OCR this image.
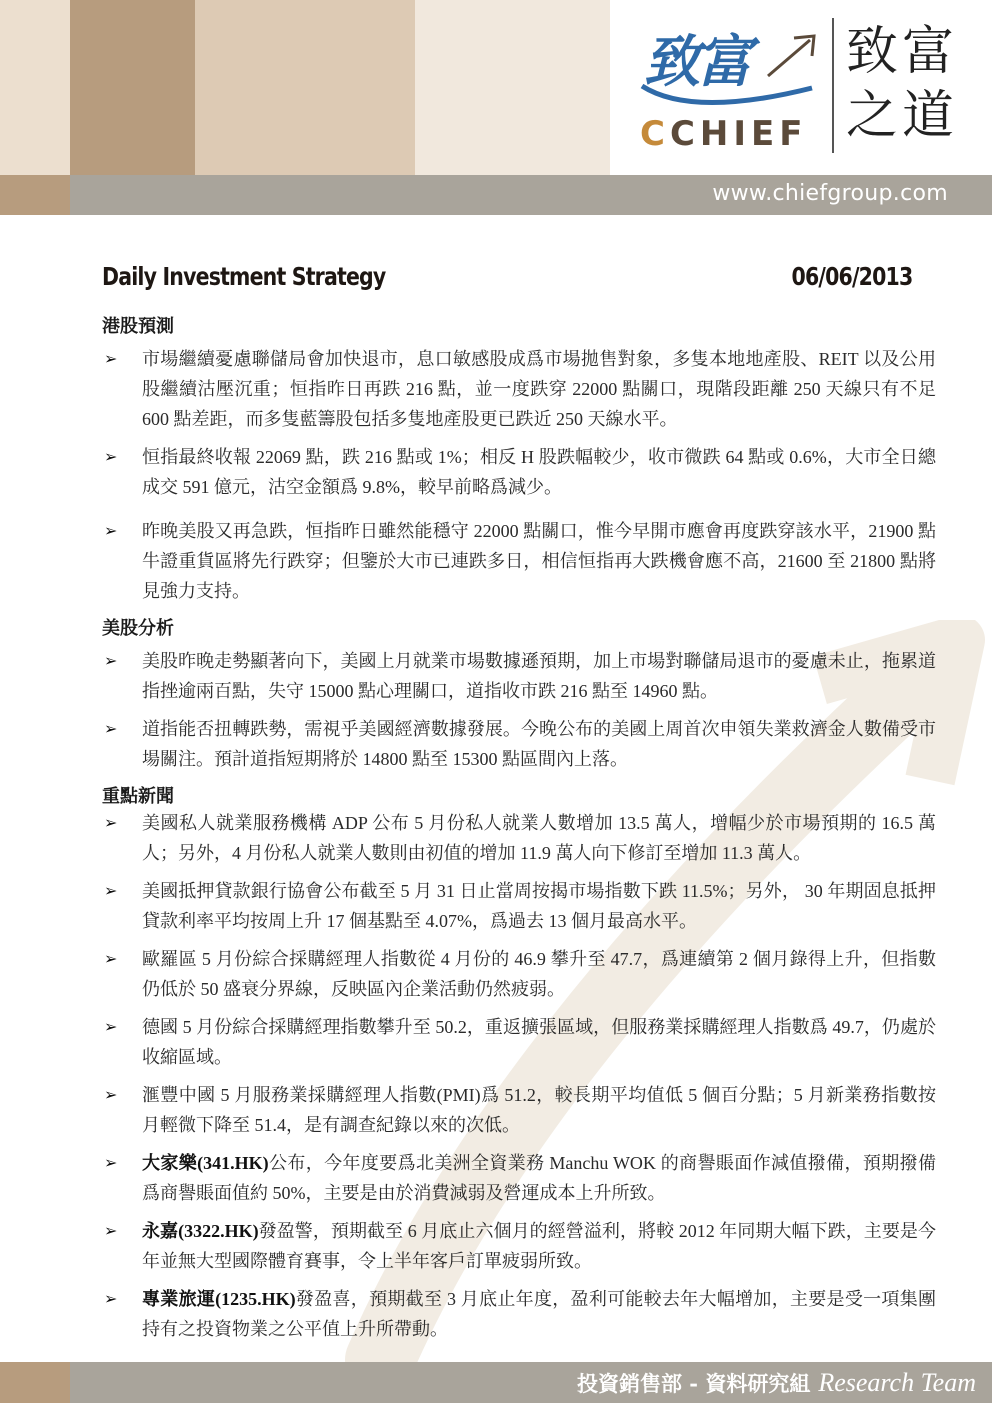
www.chiefgroup.com
致富
CCHIEF
致富
之道
Daily Investment Strategy	06/06/2013
港股預測
➢ 市場繼續憂慮聯儲局會加快退市，息口敏感股成爲市場拋售對象，多隻本地地產股、REIT 以及公用股繼續沽壓沉重；恒指昨日再跌 216 點，並一度跌穿 22000 點關口，現階段距離 250 天線只有不足 600 點差距，而多隻藍籌股包括多隻地產股更已跌近 250 天線水平。
➢ 恒指最終收報 22069 點，跌 216 點或 1%；相反 H 股跌幅較少，收市微跌 64 點或 0.6%，大市全日總成交 591 億元，沽空金額爲 9.8%，較早前略爲減少。
➢ 昨晚美股又再急跌，恒指昨日雖然能穩守 22000 點關口，惟今早開市應會再度跌穿該水平，21900 點牛證重貨區將先行跌穿；但鑒於大市已連跌多日，相信恒指再大跌機會應不高，21600 至 21800 點將見強力支持。
美股分析
➢ 美股昨晚走勢顯著向下，美國上月就業市場數據遜預期，加上市場對聯儲局退市的憂慮未止，拖累道指挫逾兩百點，失守 15000 點心理關口，道指收市跌 216 點至 14960 點。
➢ 道指能否扭轉跌勢，需視乎美國經濟數據發展。今晚公布的美國上周首次申領失業救濟金人數備受市場關注。預計道指短期將於 14800 點至 15300 點區間內上落。
重點新聞
➢ 美國私人就業服務機構 ADP 公布 5 月份私人就業人數增加 13.5 萬人，增幅少於市場預期的 16.5 萬人；另外，4 月份私人就業人數則由初值的增加 11.9 萬人向下修訂至增加 11.3 萬人。
➢ 美國抵押貸款銀行協會公布截至 5 月 31 日止當周按揭市場指數下跌 11.5%；另外， 30 年期固息抵押貸款利率平均按周上升 17 個基點至 4.07%，爲過去 13 個月最高水平。
➢ 歐羅區 5 月份綜合採購經理人指數從 4 月份的 46.9 攀升至 47.7，爲連續第 2 個月錄得上升，但指數仍低於 50 盛衰分界線，反映區內企業活動仍然疲弱。
➢ 德國 5 月份綜合採購經理指數攀升至 50.2，重返擴張區域，但服務業採購經理人指數爲 49.7，仍處於收縮區域。
➢ 滙豐中國 5 月服務業採購經理人指數(PMI)爲 51.2，較長期平均值低 5 個百分點；5 月新業務指數按月輕微下降至 51.4，是有調查紀錄以來的次低。
➢ 大家樂(341.HK)公布，今年度要爲北美洲全資業務 Manchu WOK 的商譽賬面作減值撥備，預期撥備爲商譽賬面值約 50%，主要是由於消費減弱及營運成本上升所致。
➢ 永嘉(3322.HK)發盈警，預期截至 6 月底止六個月的經營溢利，將較 2012 年同期大幅下跌，主要是今年並無大型國際體育賽事，令上半年客戶訂單疲弱所致。
➢ 專業旅運(1235.HK)發盈喜，預期截至 3 月底止年度，盈利可能較去年大幅增加，主要是受一項集團持有之投資物業之公平值上升所帶動。
投資銷售部 - 資料研究組 Research Team
